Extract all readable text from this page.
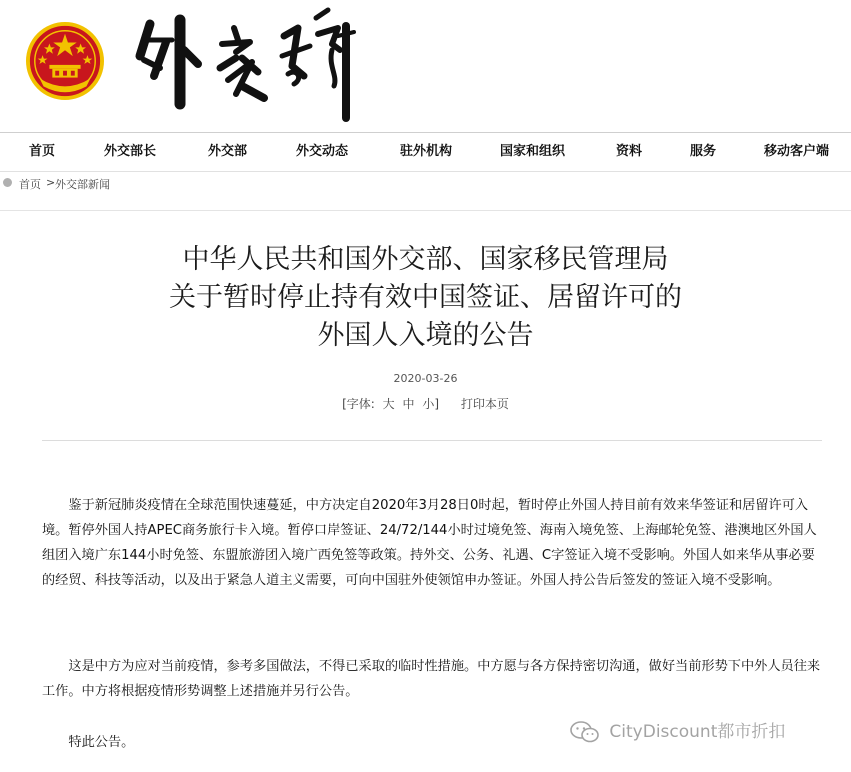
首页	外交部长	外交部	外交动态	驻外机构	国家和组织	资料	服务	移动客户端
首页 > 外交部新闻
中华人民共和国外交部、国家移民管理局
关于暂时停止持有效中国签证、居留许可的
外国人入境的公告
2020-03-26
[字体: 大 中 小] 打印本页
鉴于新冠肺炎疫情在全球范围快速蔓延，中方决定自2020年3月28日0时起，暂时停止外国人持目前有效来华签证和居留许可入境。暂停外国人持APEC商务旅行卡入境。暂停口岸签证、24/72/144小时过境免签、海南入境免签、上海邮轮免签、港澳地区外国人组团入境广东144小时免签、东盟旅游团入境广西免签等政策。持外交、公务、礼遇、C字签证入境不受影响。外国人如来华从事必要的经贸、科技等活动，以及出于紧急人道主义需要，可向中国驻外使领馆申办签证。外国人持公告后签发的签证入境不受影响。
这是中方为应对当前疫情，参考多国做法，不得已采取的临时性措施。中方愿与各方保持密切沟通，做好当前形势下中外人员往来工作。中方将根据疫情形势调整上述措施并另行公告。
特此公告。
CityDiscount都市折扣
